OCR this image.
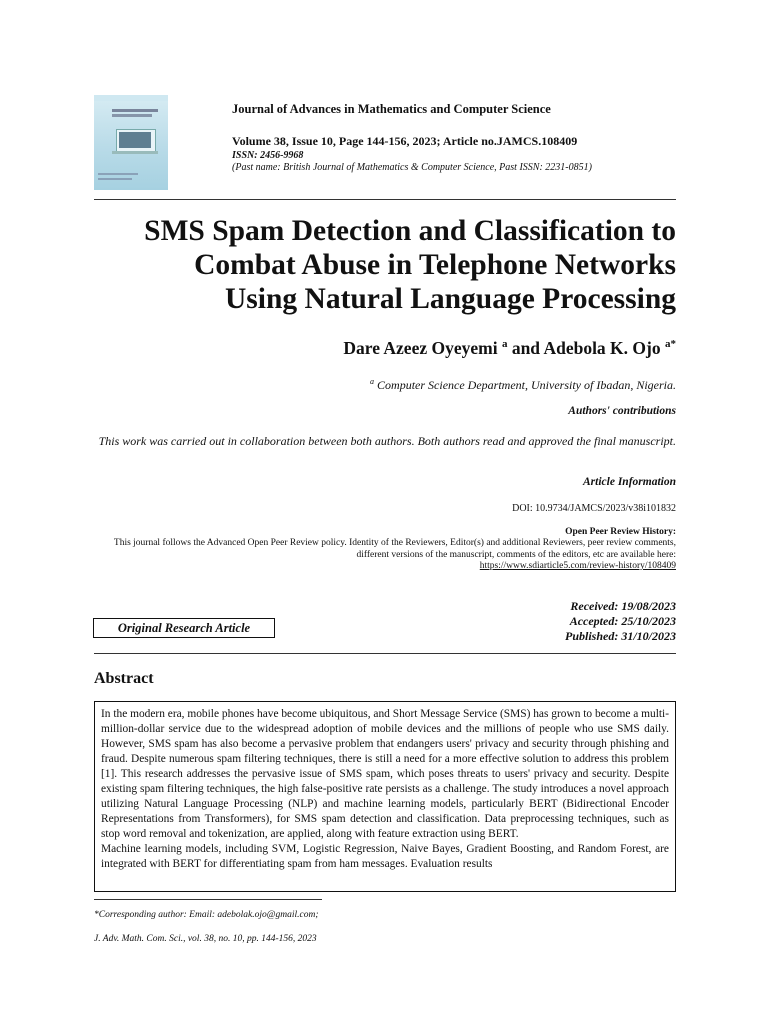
Journal of Advances in Mathematics and Computer Science
Volume 38, Issue 10, Page 144-156, 2023; Article no.JAMCS.108409
ISSN: 2456-9968
(Past name: British Journal of Mathematics & Computer Science, Past ISSN: 2231-0851)
SMS Spam Detection and Classification to
Combat Abuse in Telephone Networks
Using Natural Language Processing

Dare Azeez Oyeyemi $^a$ and Adebola K. Ojo $^{a*}$

$^a$ Computer Science Department, University of Ibadan, Nigeria.
Authors' contributions
This work was carried out in collaboration between both authors. Both authors read and approved the final manuscript.
Article Information
DOI: 10.9734/JAMCS/2023/v38i101832
Open Peer Review History:
This journal follows the Advanced Open Peer Review policy. Identity of the Reviewers, Editor(s) and additional Reviewers, peer review comments, different versions of the manuscript, comments of the editors, etc are available here:
https://www.sdiarticle5.com/review-history/108409
Received: 19/08/2023
Accepted: 25/10/2023
Published: 31/10/2023
Original Research Article
Abstract

In the modern era, mobile phones have become ubiquitous, and Short Message Service (SMS) has grown to become a multi-million-dollar service due to the widespread adoption of mobile devices and the millions of people who use SMS daily. However, SMS spam has also become a pervasive problem that endangers users' privacy and security through phishing and fraud. Despite numerous spam filtering techniques, there is still a need for a more effective solution to address this problem [1]. This research addresses the pervasive issue of SMS spam, which poses threats to users' privacy and security. Despite existing spam filtering techniques, the high false-positive rate persists as a challenge. The study introduces a novel approach utilizing Natural Language Processing (NLP) and machine learning models, particularly BERT (Bidirectional Encoder Representations from Transformers), for SMS spam detection and classification. Data preprocessing techniques, such as stop word removal and tokenization, are applied, along with feature extraction using BERT.

Machine learning models, including SVM, Logistic Regression, Naive Bayes, Gradient Boosting, and Random Forest, are integrated with BERT for differentiating spam from ham messages. Evaluation results

*Corresponding author: Email: adebolak.ojo@gmail.com;
J. Adv. Math. Com. Sci., vol. 38, no. 10, pp. 144-156, 2023
